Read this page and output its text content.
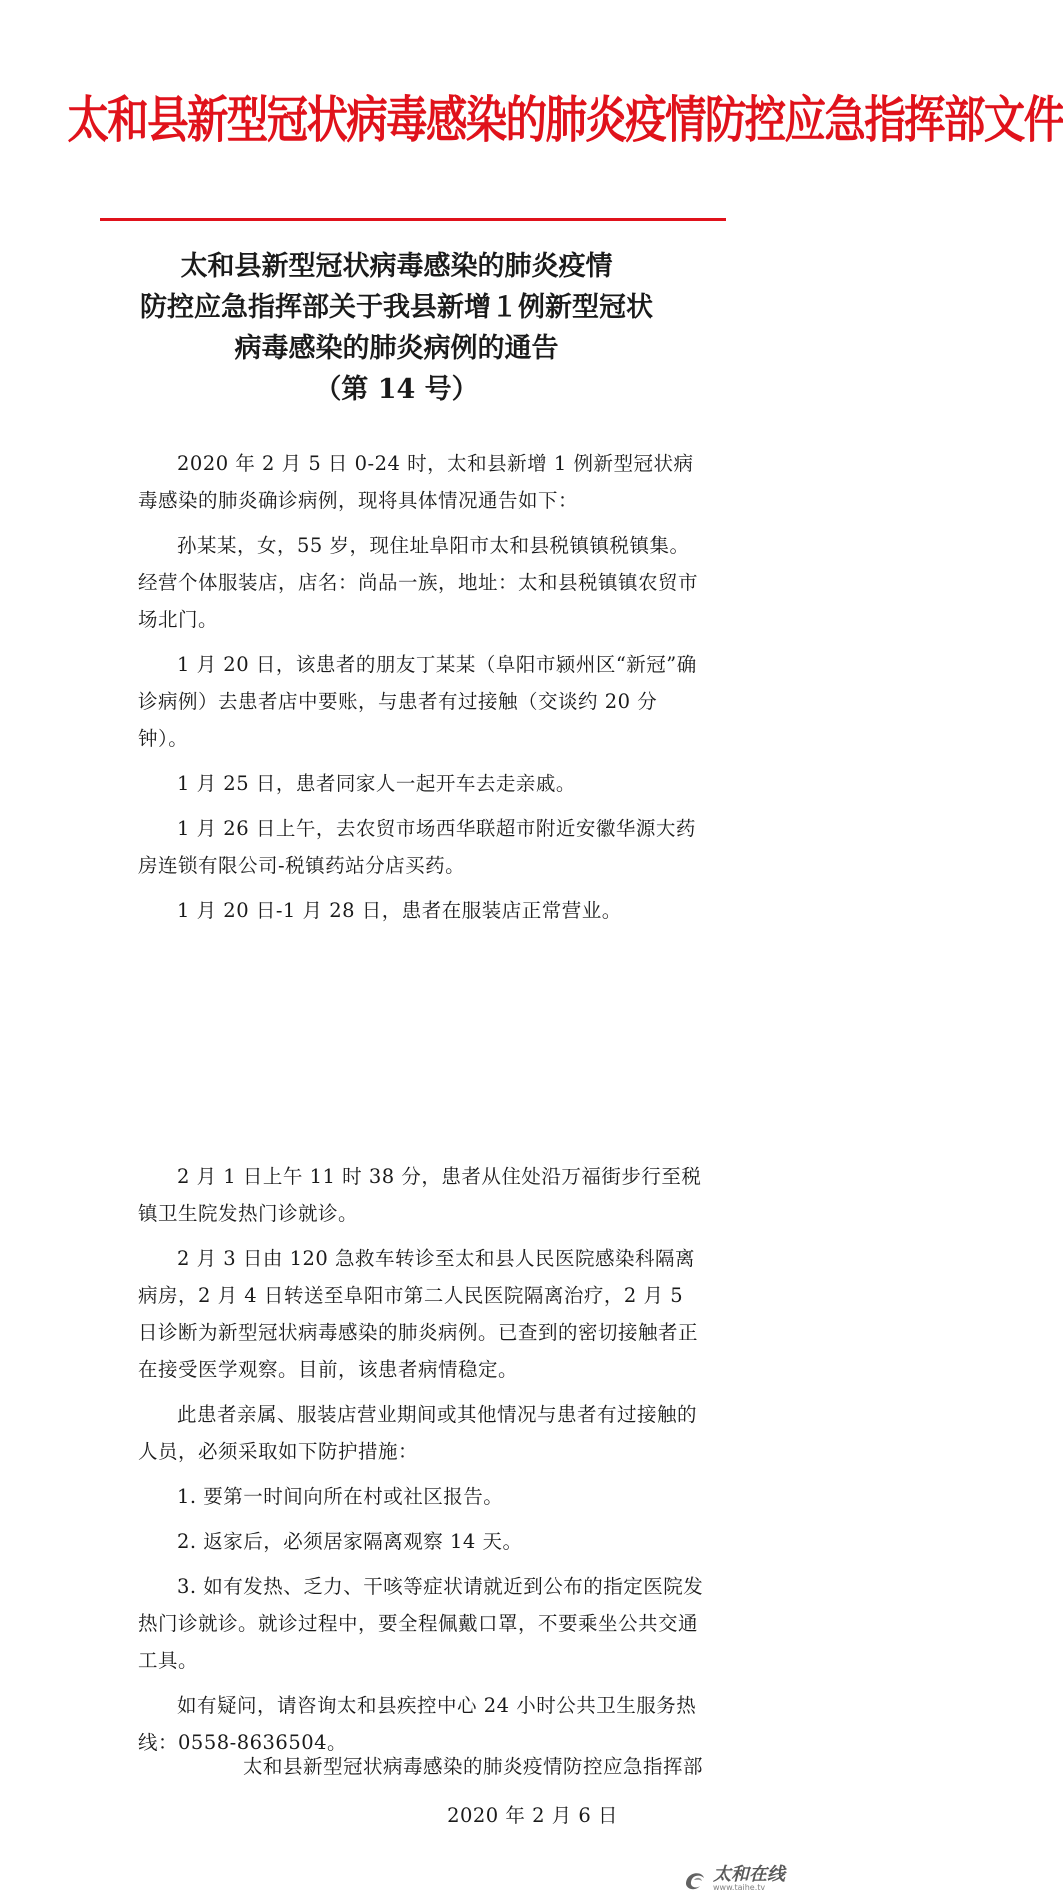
太和县新型冠状病毒感染的肺炎疫情防控应急指挥部文件
太和县新型冠状病毒感染的肺炎疫情
防控应急指挥部关于我县新增１例新型冠状
病毒感染的肺炎病例的通告
（第 14 号）

2020 年 2 月 5 日 0-24 时，太和县新增 1 例新型冠状病毒感染的肺炎确诊病例，现将具体情况通告如下：

孙某某，女，55 岁，现住址阜阳市太和县税镇镇税镇集。经营个体服装店，店名：尚品一族，地址：太和县税镇镇农贸市场北门。

1 月 20 日，该患者的朋友丁某某（阜阳市颍州区“新冠”确诊病例）去患者店中要账，与患者有过接触（交谈约 20 分钟）。

1 月 25 日，患者同家人一起开车去走亲戚。

1 月 26 日上午，去农贸市场西华联超市附近安徽华源大药房连锁有限公司-税镇药站分店买药。

1 月 20 日-1 月 28 日，患者在服装店正常营业。

2 月 1 日上午 11 时 38 分，患者从住处沿万福街步行至税镇卫生院发热门诊就诊。

2 月 3 日由 120 急救车转诊至太和县人民医院感染科隔离病房，2 月 4 日转送至阜阳市第二人民医院隔离治疗，2 月 5 日诊断为新型冠状病毒感染的肺炎病例。已查到的密切接触者正在接受医学观察。目前，该患者病情稳定。

此患者亲属、服装店营业期间或其他情况与患者有过接触的人员，必须采取如下防护措施：

1. 要第一时间向所在村或社区报告。

2. 返家后，必须居家隔离观察 14 天。

3. 如有发热、乏力、干咳等症状请就近到公布的指定医院发热门诊就诊。就诊过程中，要全程佩戴口罩，不要乘坐公共交通工具。

如有疑问，请咨询太和县疾控中心 24 小时公共卫生服务热线：0558-8636504。

太和县新型冠状病毒感染的肺炎疫情防控应急指挥部
2020 年 2 月 6 日
太和在线
www.taihe.tv
